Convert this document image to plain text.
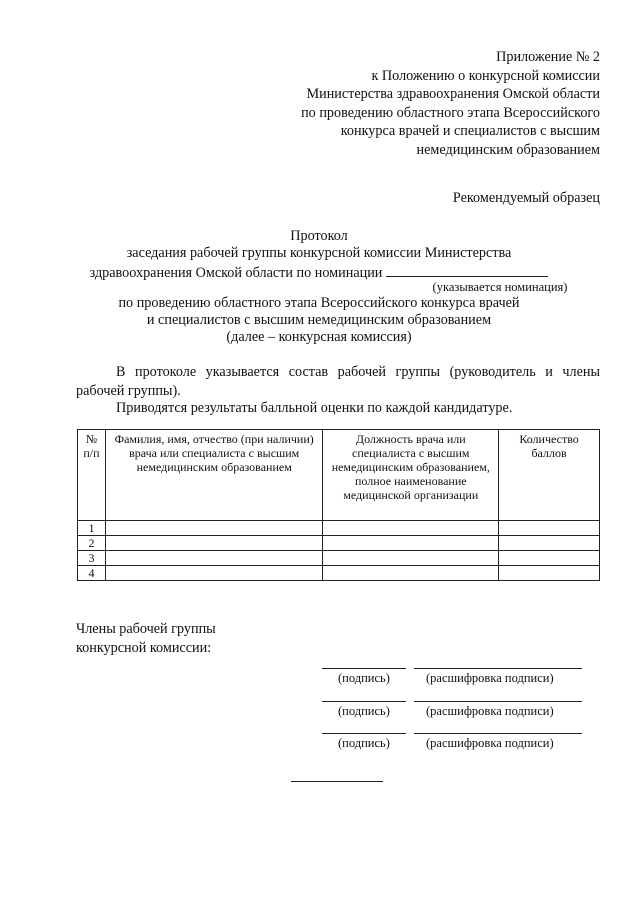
Приложение № 2
к Положению о конкурсной комиссии
Министерства здравоохранения Омской области
по проведению областного этапа Всероссийского
конкурса врачей и специалистов с высшим
немедицинским образованием
Рекомендуемый образец
Протокол
заседания рабочей группы конкурсной комиссии Министерства
здравоохранения Омской области по номинации
(указывается номинация)
по проведению областного этапа Всероссийского конкурса врачей
и специалистов с высшим немедицинским образованием
(далее – конкурсная комиссия)
В протоколе указывается состав рабочей группы (руководитель и члены рабочей группы).
Приводятся результаты балльной оценки по каждой кандидатуре.
№ п/п	Фамилия, имя, отчество (при наличии) врача или специалиста с высшим немедицинским образованием	Должность врача или специалиста с высшим немедицинским образованием, полное наименование медицинской организации	Количество баллов
1			
2			
3			
4			
Члены рабочей группы
конкурсной комиссии:
(подпись)	(расшифровка подписи)
(подпись)	(расшифровка подписи)
(подпись)	(расшифровка подписи)
